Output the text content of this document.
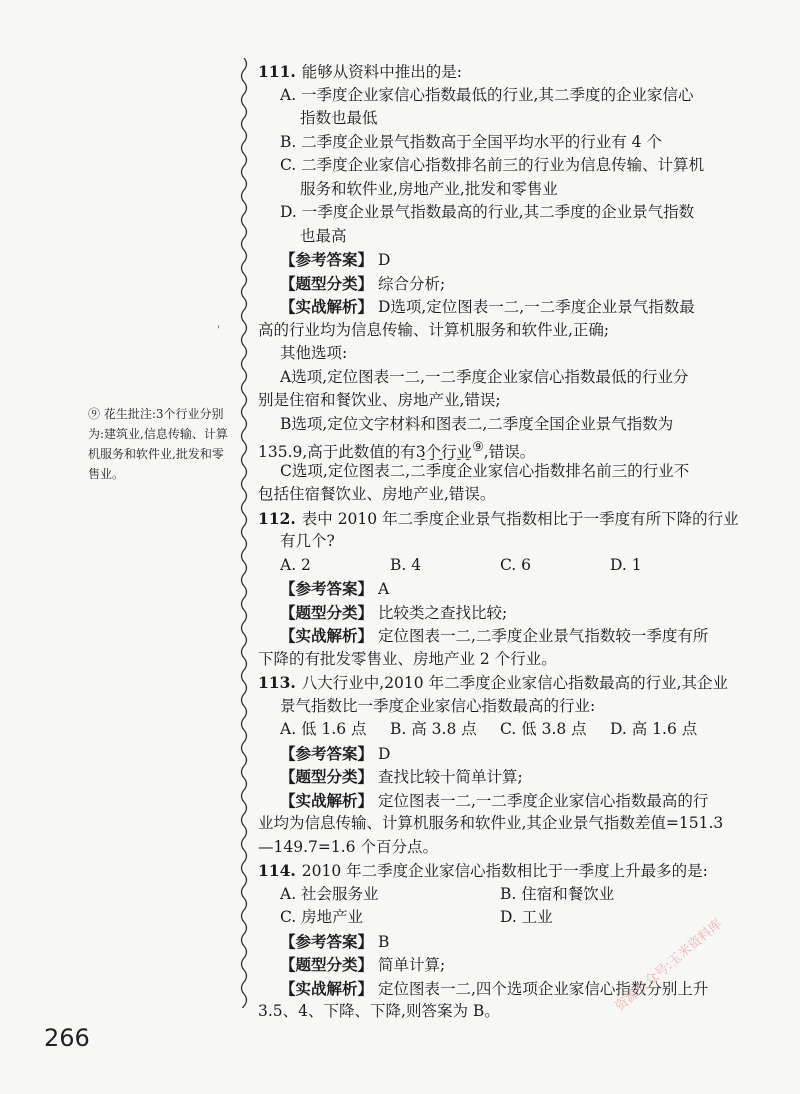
⑨ 花生批注:3个行业分别
为:建筑业,信息传输、计算
机服务和软件业,批发和零
售业。
'
111. 能够从资料中推出的是:
A. 一季度企业家信心指数最低的行业,其二季度的企业家信心
指数也最低
B. 二季度企业景气指数高于全国平均水平的行业有 4 个
C. 二季度企业家信心指数排名前三的行业为信息传输、计算机
服务和软件业,房地产业,批发和零售业
D. 一季度企业景气指数最高的行业,其二季度的企业景气指数
也最高
【参考答案】 D
【题型分类】 综合分析;
【实战解析】 D选项,定位图表一二,一二季度企业景气指数最
高的行业均为信息传输、计算机服务和软件业,正确;
其他选项:
A选项,定位图表一二,一二季度企业家信心指数最低的行业分
别是住宿和餐饮业、房地产业,错误;
B选项,定位文字材料和图表二,二季度全国企业景气指数为
135.9,高于此数值的有3个行业⑨,错误。
C选项,定位图表二,二季度企业家信心指数排名前三的行业不
包括住宿餐饮业、房地产业,错误。
112. 表中 2010 年二季度企业景气指数相比于一季度有所下降的行业
有几个?
A. 2	B. 4	C. 6	D. 1
【参考答案】 A
【题型分类】 比较类之查找比较;
【实战解析】 定位图表一二,二季度企业景气指数较一季度有所
下降的有批发零售业、房地产业 2 个行业。
113. 八大行业中,2010 年二季度企业家信心指数最高的行业,其企业
景气指数比一季度企业家信心指数最高的行业:
A. 低 1.6 点 B. 高 3.8 点 C. 低 3.8 点 D. 高 1.6 点
【参考答案】 D
【题型分类】 查找比较十简单计算;
【实战解析】 定位图表一二,一二季度企业家信心指数最高的行
业均为信息传输、计算机服务和软件业,其企业景气指数差值=151.3
—149.7=1.6 个百分点。
114. 2010 年二季度企业家信心指数相比于一季度上升最多的是:
A. 社会服务业	B. 住宿和餐饮业
C. 房地产业	D. 工业
【参考答案】 B
【题型分类】 简单计算;
【实战解析】 定位图表一二,四个选项企业家信心指数分别上升
3.5、4、下降、下降,则答案为 B。
266
资源公众号:玉米资料库
